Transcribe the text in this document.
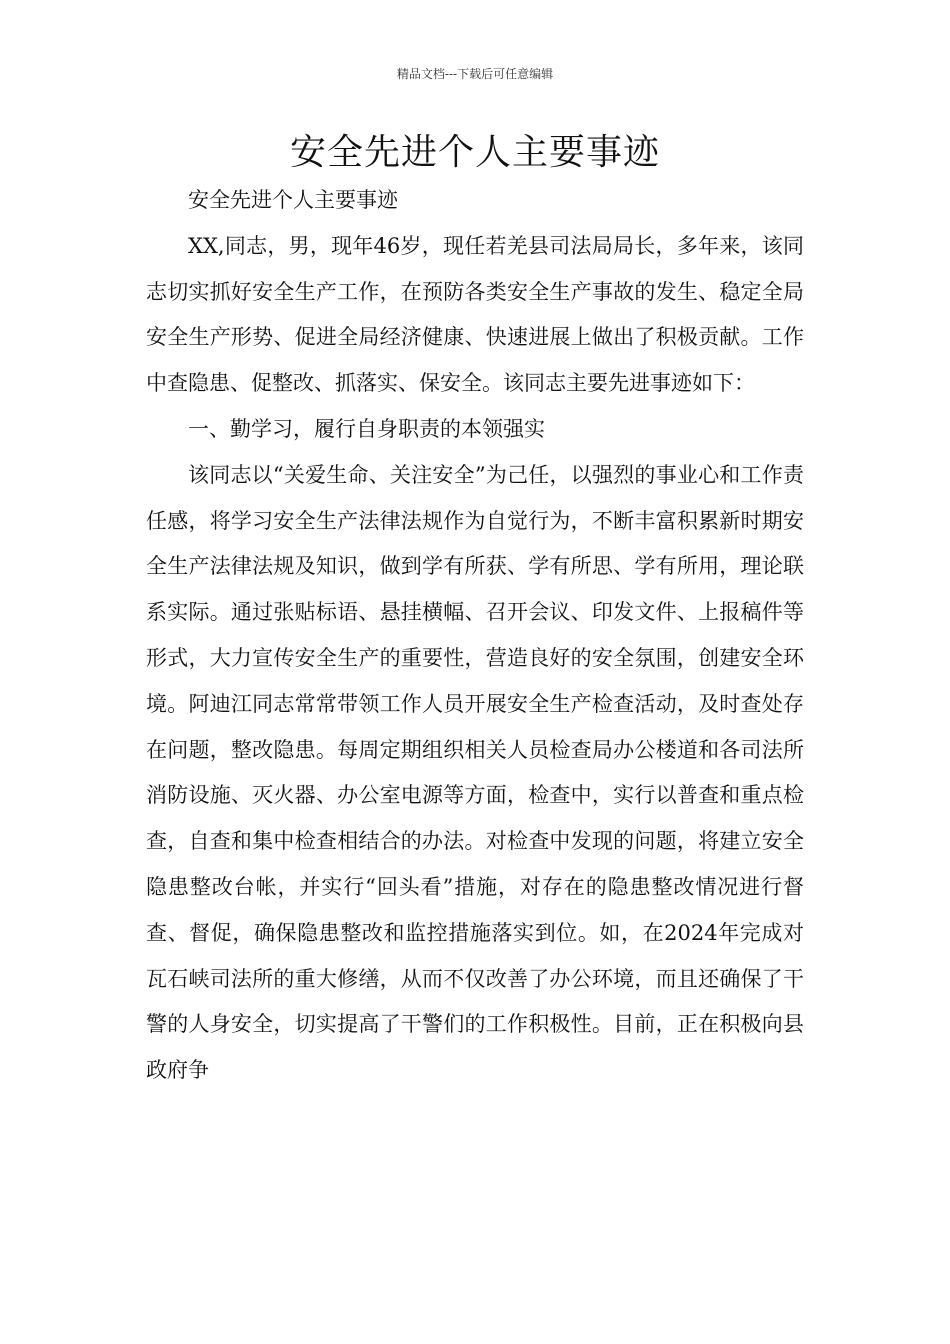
精品文档---下载后可任意编辑
安全先进个人主要事迹

安全先进个人主要事迹

XX,同志，男，现年46岁，现任若羌县司法局局长，多年来，该同志切实抓好安全生产工作，在预防各类安全生产事故的发生、稳定全局安全生产形势、促进全局经济健康、快速进展上做出了积极贡献。工作中查隐患、促整改、抓落实、保安全。该同志主要先进事迹如下：

一、勤学习，履行自身职责的本领强实

该同志以“关爱生命、关注安全”为己任，以强烈的事业心和工作责任感，将学习安全生产法律法规作为自觉行为，不断丰富积累新时期安全生产法律法规及知识，做到学有所获、学有所思、学有所用，理论联系实际。通过张贴标语、悬挂横幅、召开会议、印发文件、上报稿件等形式，大力宣传安全生产的重要性，营造良好的安全氛围，创建安全环境。阿迪江同志常常带领工作人员开展安全生产检查活动，及时查处存在问题，整改隐患。每周定期组织相关人员检查局办公楼道和各司法所消防设施、灭火器、办公室电源等方面，检查中，实行以普查和重点检查，自查和集中检查相结合的办法。对检查中发现的问题，将建立安全隐患整改台帐，并实行“回头看”措施，对存在的隐患整改情况进行督查、督促，确保隐患整改和监控措施落实到位。如，在2024年完成对瓦石峡司法所的重大修缮，从而不仅改善了办公环境，而且还确保了干警的人身安全，切实提高了干警们的工作积极性。目前，正在积极向县政府争
